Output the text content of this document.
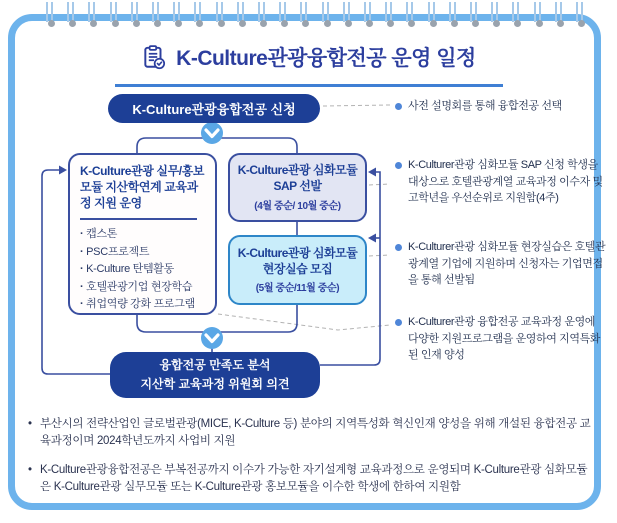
K-Culture관광융합전공 운영 일정
K-Culture관광융합전공 신청
K-Culture관광 실무/홍보 모듈 지산학연계 교육과정 지원 운영
· 캡스톤
· PSC프로젝트
· K-Culture 탄템활동
· 호텔관광기업 현장학습
· 취업역량 강화 프로그램
K-Culture관광 심화모듈
SAP 선발
(4월 중순/ 10월 중순)
K-Culture관광 심화모듈
현장실습 모집
(5월 중순/11월 중순)
융합전공 만족도 분석
지산학 교육과정 위원회 의견
사전 설명회를 통해 융합전공 선택
K-Culturer관광 심화모듈 SAP 신청 학생을 대상으로 호텔관광계열 교육과정 이수자 및 고학년을 우선순위로 지원함(4주)
K-Culturer관광 심화모듈 현장실습은 호텔관광계열 기업에 지원하며 신청자는 기업면접을 통해 선발됨
K-Culturer관광 융합전공 교육과정 운영에 다양한 지원프로그램을 운영하여 지역특화된 인재 양성
• 부산시의 전략산업인 글로벌관광(MICE, K-Culture 등) 분야의 지역특성화 혁신인재 양성을 위해 개설된 융합전공 교육과정이며 2024학년도까지 사업비 지원
• K-Culture관광융합전공은 부복전공까지 이수가 가능한 자기설계형 교육과정으로 운영되며 K-Culture관광 심화모듈은 K-Culture관광 실무모듈 또는 K-Culture관광 홍보모듈을 이수한 학생에 한하여 지원함
